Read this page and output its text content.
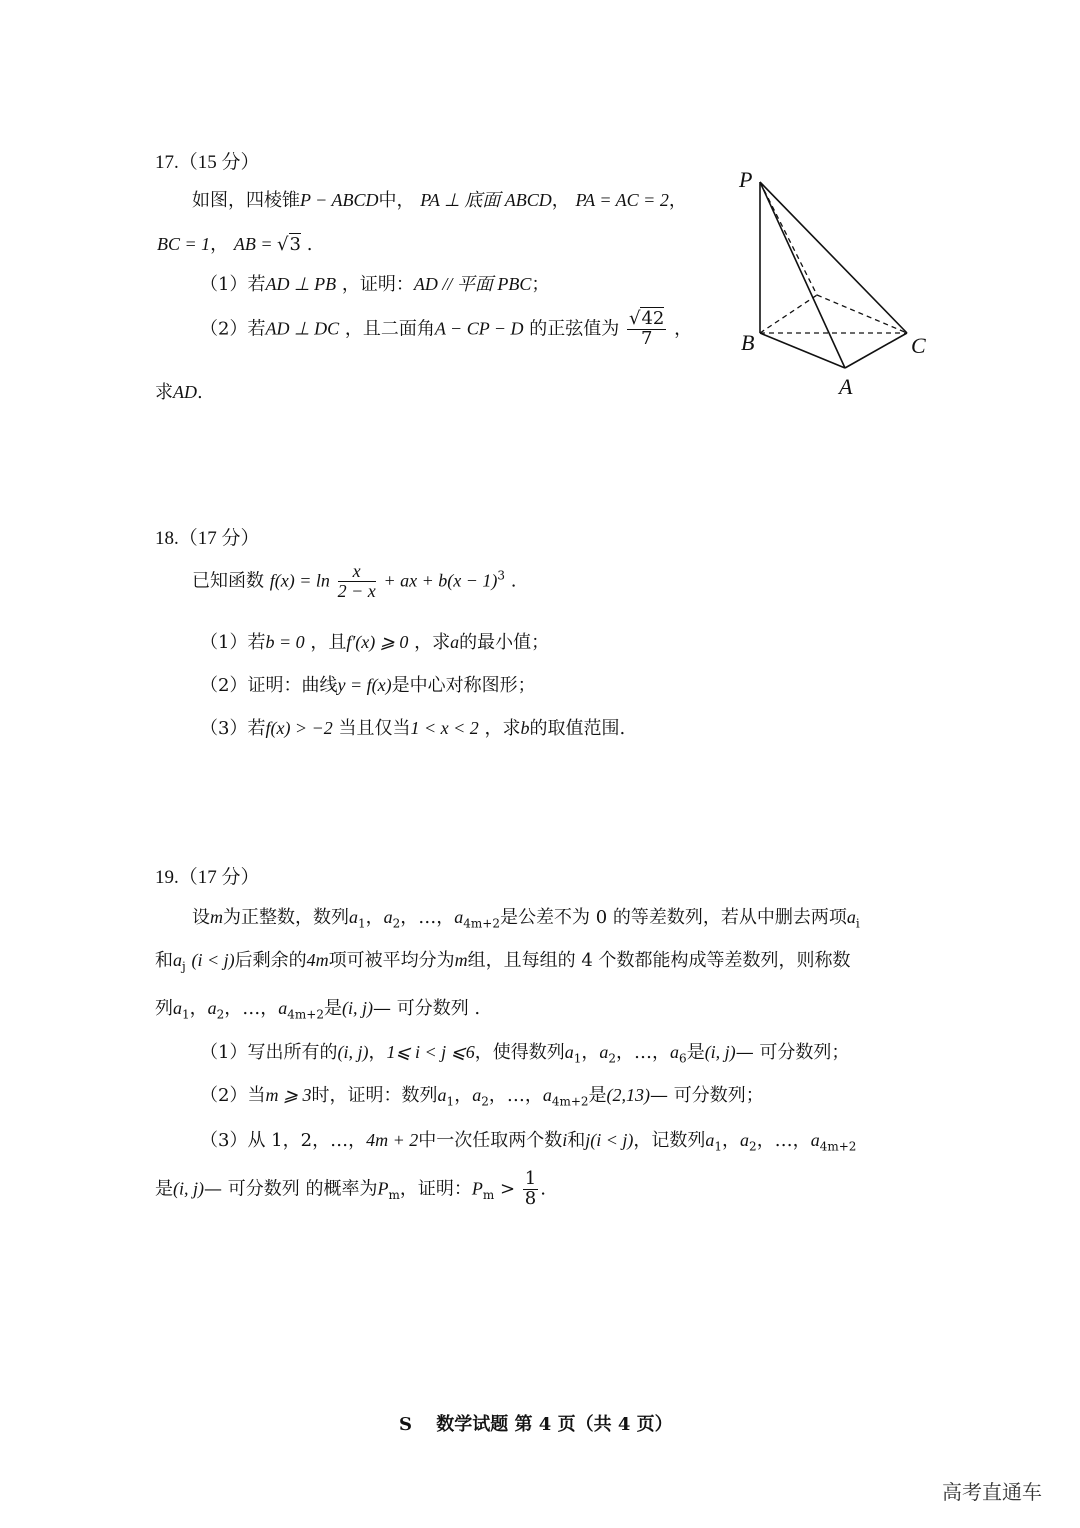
17.（15 分）
如图，四棱锥P − ABCD中， PA ⊥ 底面 ABCD， PA = AC = 2，
BC = 1， AB = √3 .
（1）若AD ⊥ PB ，证明：AD // 平面 PBC；
（2）若AD ⊥ DC ，且二面角A − CP − D 的正弦值为 $\frac{√42}{7}$ ，
求AD.
P
B	C
A
18.（17 分）
已知函数 $f(x) = \ln \frac{x}{2 - x}$ + ax + $b(x - 1)^3$ .
（1）若b = 0 ，且f′(x) ⩾ 0 ，求a的最小值；
（2）证明：曲线y = f(x)是中心对称图形；
（3）若f(x) > −2 当且仅当1 < x < 2 ，求b的取值范围.
19.（17 分）
设m为正整数，数列$a_1$，$a_2$，…，$a_{4m+2}$是公差不为 0 的等差数列，若从中删去两项$a_i$
和$a_j$ (i < j)后剩余的4m项可被平均分为m组，且每组的 4 个数都能构成等差数列，则称数
列$a_1$，$a_2$，…，$a_{4m+2}$是(i, j)— 可分数列 .
（1）写出所有的(i, j)，1⩽ i < j ⩽6，使得数列$a_1$，$a_2$，…，$a_6$是(i, j)— 可分数列；
（2）当m ⩾ 3时，证明：数列$a_1$，$a_2$，…，$a_{4m+2}$是(2,13)— 可分数列；
（3）从 1，2，…，4m + 2中一次任取两个数i和j(i < j)，记数列$a_1$，$a_2$，…，$a_{4m+2}$
是(i, j)— 可分数列 的概率为$P_m$，证明：$P_m > \frac{1}{8}$ .
S　 数学试题 第 4 页（共 4 页）
高考直通车
